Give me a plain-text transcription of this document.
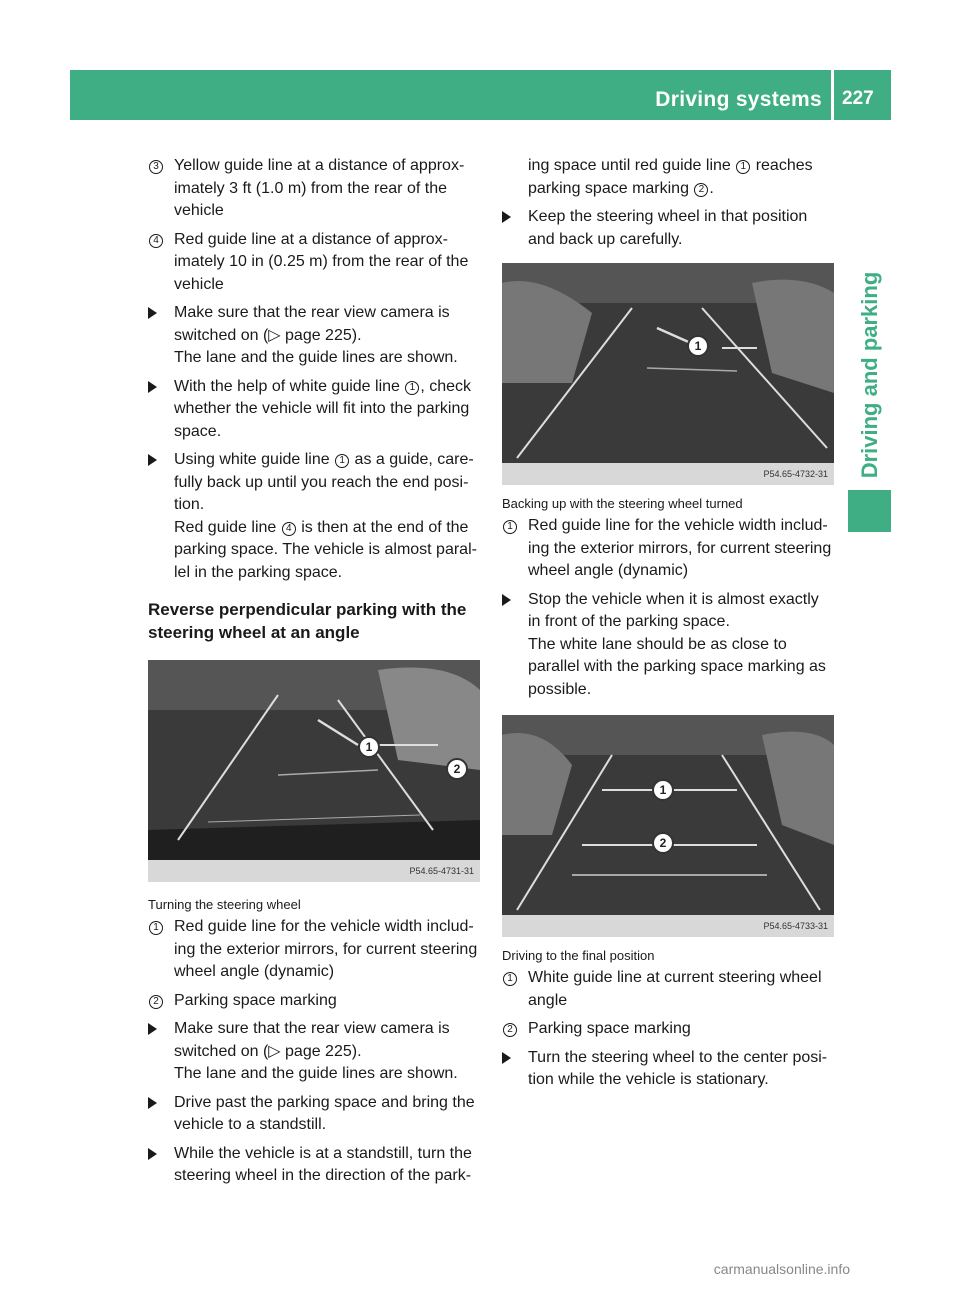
Driving systems 227
Driving and parking
3 Yellow guide line at a distance of approximately 3 ft (1.0 m) from the rear of the vehicle
4 Red guide line at a distance of approximately 10 in (0.25 m) from the rear of the vehicle
Make sure that the rear view camera is switched on (▷ page 225).
The lane and the guide lines are shown.
With the help of white guide line 1 , check whether the vehicle will fit into the parking space.
Using white guide line 1 as a guide, carefully back up until you reach the end position.
Red guide line 4 is then at the end of the parking space. The vehicle is almost parallel in the parking space.
Reverse perpendicular parking with the steering wheel at an angle
1
2
P54.65-4731-31
Turning the steering wheel
1 Red guide line for the vehicle width including the exterior mirrors, for current steering wheel angle (dynamic)
2 Parking space marking
Make sure that the rear view camera is switched on (▷ page 225).
The lane and the guide lines are shown.
Drive past the parking space and bring the vehicle to a standstill.
While the vehicle is at a standstill, turn the steering wheel in the direction of the park-
ing space until red guide line 1 reaches parking space marking 2 .
Keep the steering wheel in that position and back up carefully.
1
P54.65-4732-31
Backing up with the steering wheel turned
1 Red guide line for the vehicle width including the exterior mirrors, for current steering wheel angle (dynamic)
Stop the vehicle when it is almost exactly in front of the parking space.
The white lane should be as close to parallel with the parking space marking as possible.
1
2
P54.65-4733-31
Driving to the final position
1 White guide line at current steering wheel angle
2 Parking space marking
Turn the steering wheel to the center position while the vehicle is stationary.
carmanualsonline.info
